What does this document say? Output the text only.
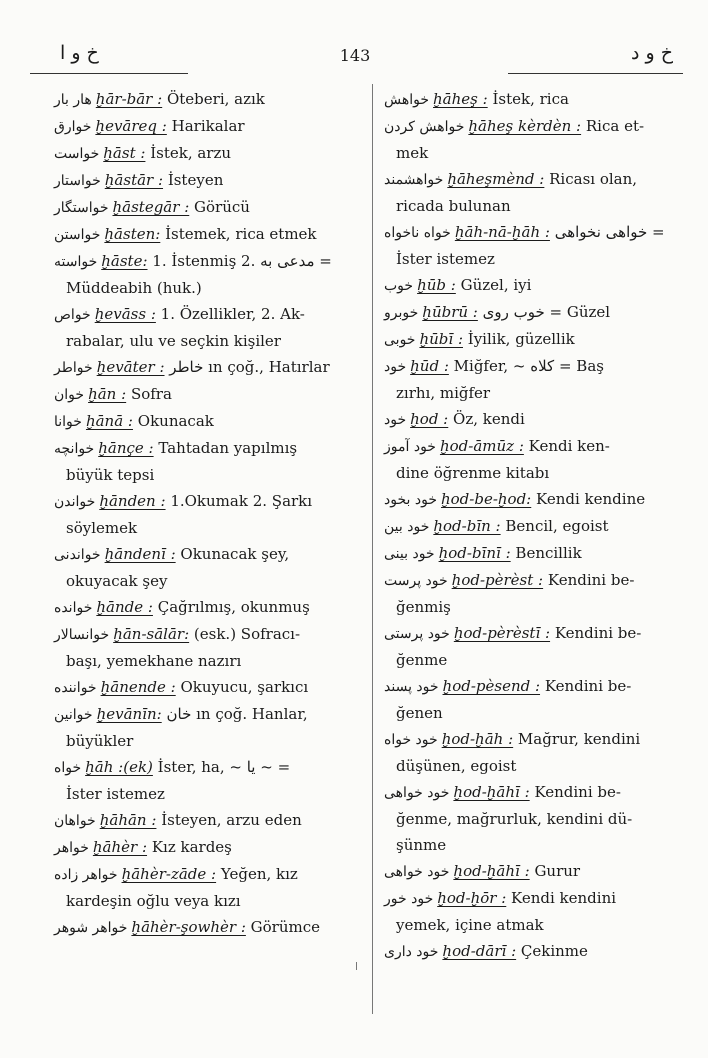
خ و ا	143	خ و د
هار بار ḫār-bār : Öteberi, azık
خوارق ḫevāreq : Harikalar
خواست ḫāst : İstek, arzu
خواستار ḫāstār : İsteyen
خواستگار ḫāstegār : Görücü
خواستن ḫāsten: İstemek, rica etmek
خواسته ḫāste: 1. İstenmiş 2. مدعی به =
Müddeabih (huk.)
خواص ḫevāss : 1. Özellikler, 2. Ak-
rabalar, ulu ve seçkin kişiler
خواطر ḫevāter : خاطر ın çoğ., Hatırlar
خوان ḫān : Sofra
خوانا ḫānā : Okunacak
خوانچه ḫānçe : Tahtadan yapılmış
büyük tepsi
خواندن ḫānden : 1.Okumak 2. Şarkı
söylemek
خواندنی ḫāndenī : Okunacak şey,
okuyacak şey
خوانده ḫānde : Çağrılmış, okunmuş
خوانسالار ḫān-sālār: (esk.) Sofracı-
başı, yemekhane nazırı
خواننده ḫānende : Okuyucu, şarkıcı
خوانین ḫevānīn: خان ın çoğ. Hanlar,
büyükler
خواه ḫāh :(ek) İster, ha, ~ یا ~ =
İster istemez
خواهان ḫāhān : İsteyen, arzu eden
خواهر ḫāhèr : Kız kardeş
خواهر زاده ḫāhèr-zāde : Yeğen, kız
kardeşin oğlu veya kızı
خواهر شوهر ḫāhèr-şowhèr : Görümce
خواهش ḫāheş : İstek, rica
خواهش کردن ḫāheş kèrdèn : Rica et-
mek
خواهشمند ḫāheşmènd : Ricası olan,
ricada bulunan
خواه ناخواه ḫāh-nā-ḫāh : خواهی نخواهی =
İster istemez
خوب ḫūb : Güzel, iyi
خوبرو ḫūbrū : خوب روی = Güzel
خوبی ḫūbī : İyilik, güzellik
خود ḫūd : Miğfer, ~ کلاه = Baş
zırhı, miğfer
خود ḫod : Öz, kendi
خود آموز ḫod-āmūz : Kendi ken-
dine öğrenme kitabı
خود بخود ḫod-be-ḫod: Kendi kendine
خود بین ḫod-bīn : Bencil, egoist
خود بینی ḫod-bīnī : Bencillik
خود پرست ḫod-pèrèst : Kendini be-
ğenmiş
خود پرستی ḫod-pèrèstī : Kendini be-
ğenme
خود پسند ḫod-pèsend : Kendini be-
ğenen
خود خواه ḫod-ḫāh : Mağrur, kendini
düşünen, egoist
خود خواهی ḫod-ḫāhī : Kendini be-
ğenme, mağrurluk, kendini dü-
şünme
خود خواهی ḫod-ḫāhī : Gurur
خود خور ḫod-ḫōr : Kendi kendini
yemek, içine atmak
خود داری ḫod-dārī : Çekinme
